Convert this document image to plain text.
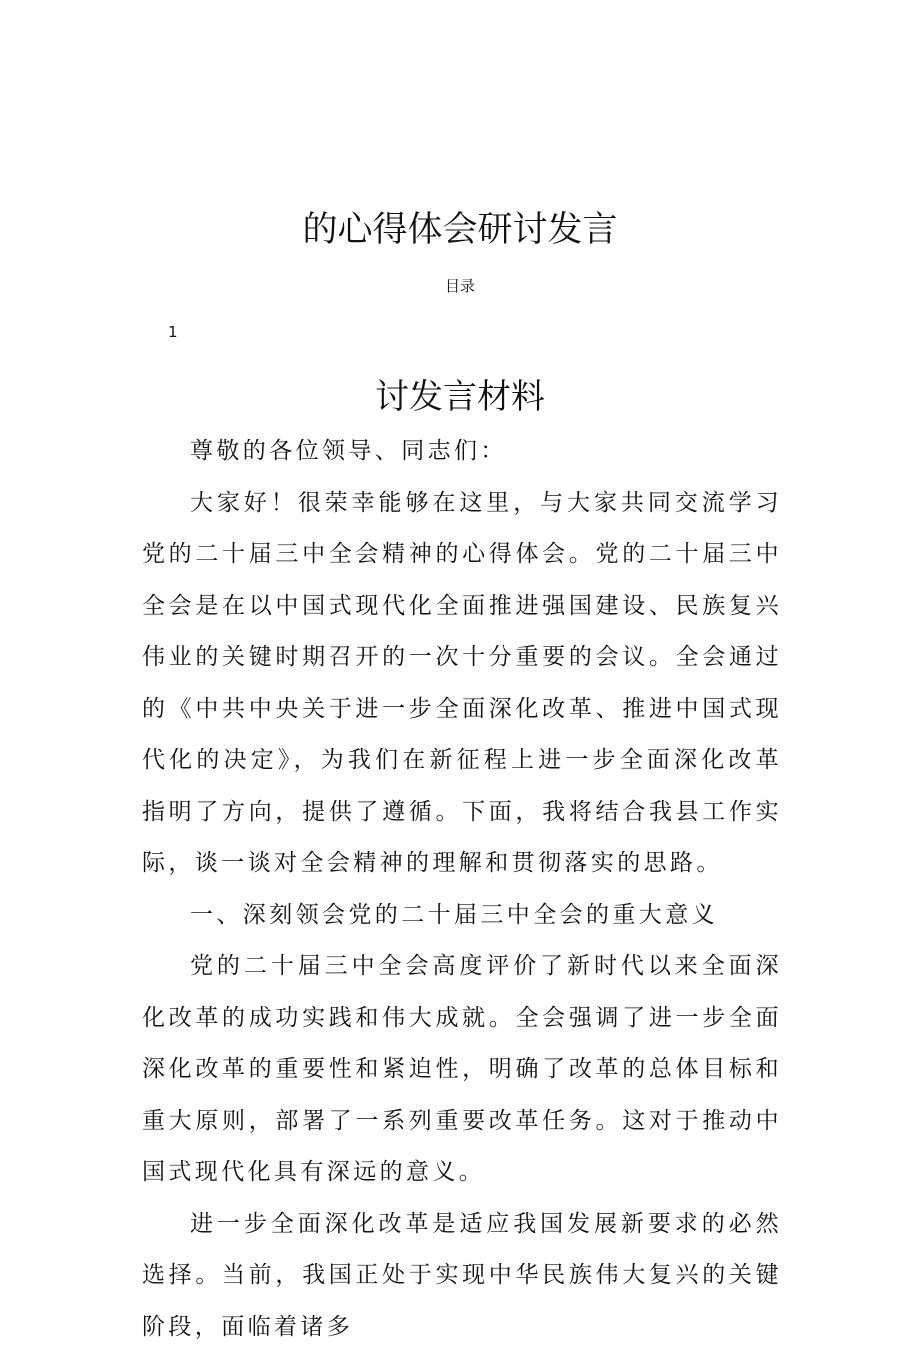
的心得体会研讨发言
目录
1
讨发言材料

尊敬的各位领导、同志们：

大家好！很荣幸能够在这里，与大家共同交流学习党的二十届三中全会精神的心得体会。党的二十届三中全会是在以中国式现代化全面推进强国建设、民族复兴伟业的关键时期召开的一次十分重要的会议。全会通过的《中共中央关于进一步全面深化改革、推进中国式现代化的决定》，为我们在新征程上进一步全面深化改革指明了方向，提供了遵循。下面，我将结合我县工作实际，谈一谈对全会精神的理解和贯彻落实的思路。

一、深刻领会党的二十届三中全会的重大意义

党的二十届三中全会高度评价了新时代以来全面深化改革的成功实践和伟大成就。全会强调了进一步全面深化改革的重要性和紧迫性，明确了改革的总体目标和重大原则，部署了一系列重要改革任务。这对于推动中国式现代化具有深远的意义。

进一步全面深化改革是适应我国发展新要求的必然选择。当前，我国正处于实现中华民族伟大复兴的关键阶段，面临着诸多
